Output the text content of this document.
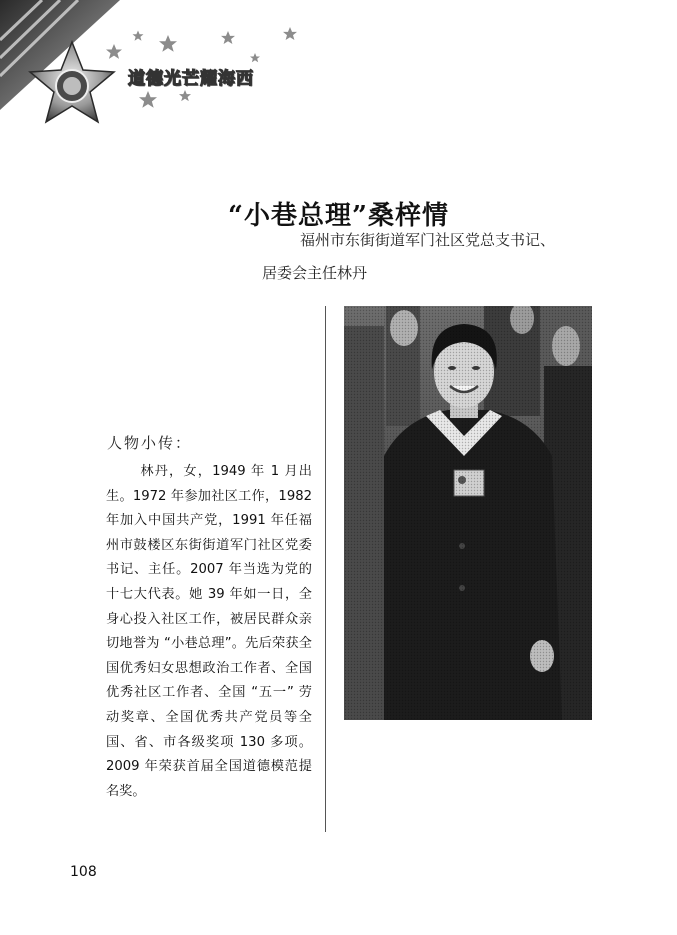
道德光芒耀海西
“小巷总理”桑梓情
福州市东街街道军门社区党总支书记、
居委会主任林丹
人物小传：

林丹，女，1949 年 1 月出生。1972 年参加社区工作，1982 年加入中国共产党，1991 年任福州市鼓楼区东街街道军门社区党委书记、主任。2007 年当选为党的十七大代表。她 39 年如一日，全身心投入社区工作，被居民群众亲切地誉为 “小巷总理”。先后荣获全国优秀妇女思想政治工作者、全国优秀社区工作者、全国 “五一” 劳动奖章、全国优秀共产党员等全国、省、市各级奖项 130 多项。2009 年荣获首届全国道德模范提名奖。

108
